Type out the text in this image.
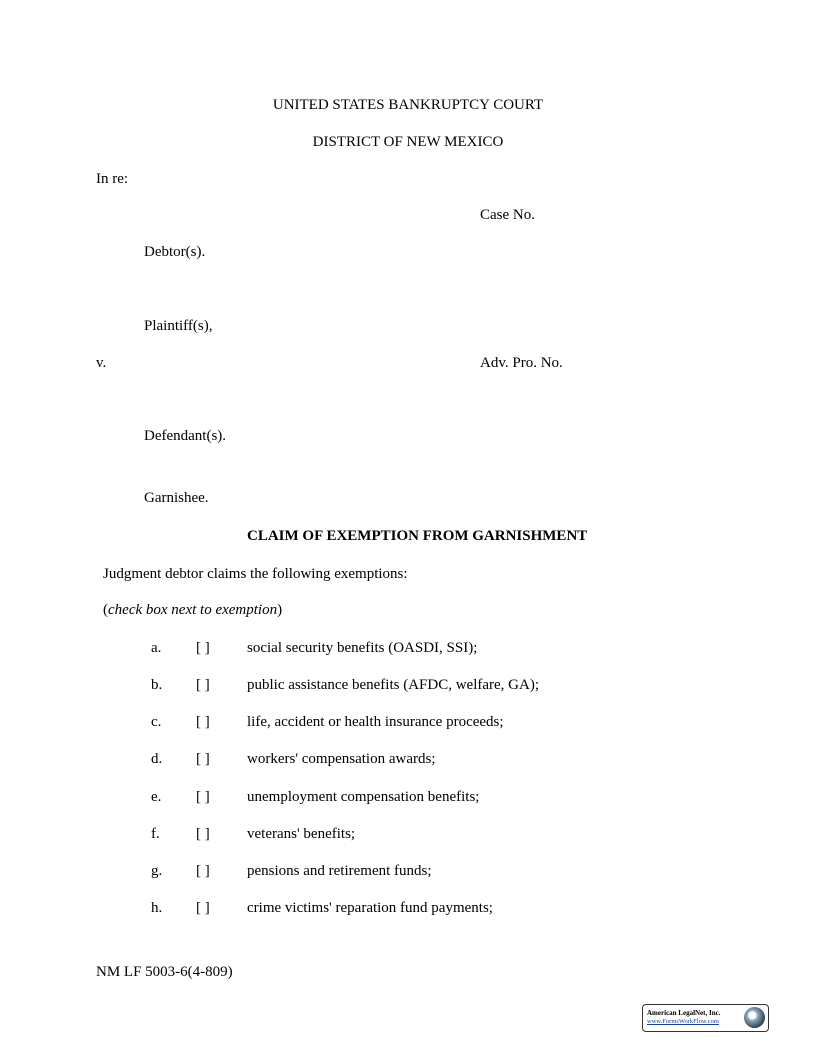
UNITED STATES BANKRUPTCY COURT
DISTRICT OF NEW MEXICO
In re:
Case No.
Debtor(s).
Plaintiff(s),
v.	Adv. Pro. No.
Defendant(s).
Garnishee.
CLAIM OF EXEMPTION FROM GARNISHMENT
Judgment debtor claims the following exemptions:
(check box next to exemption)
a. [ ] social security benefits (OASDI, SSI);
b. [ ] public assistance benefits (AFDC, welfare, GA);
c. [ ] life, accident or health insurance proceeds;
d. [ ] workers' compensation awards;
e. [ ] unemployment compensation benefits;
f. [ ] veterans' benefits;
g. [ ] pensions and retirement funds;
h. [ ] crime victims' reparation fund payments;
NM LF 5003-6(4-809)
American LegalNet, Inc.
www.FormsWorkFlow.com
